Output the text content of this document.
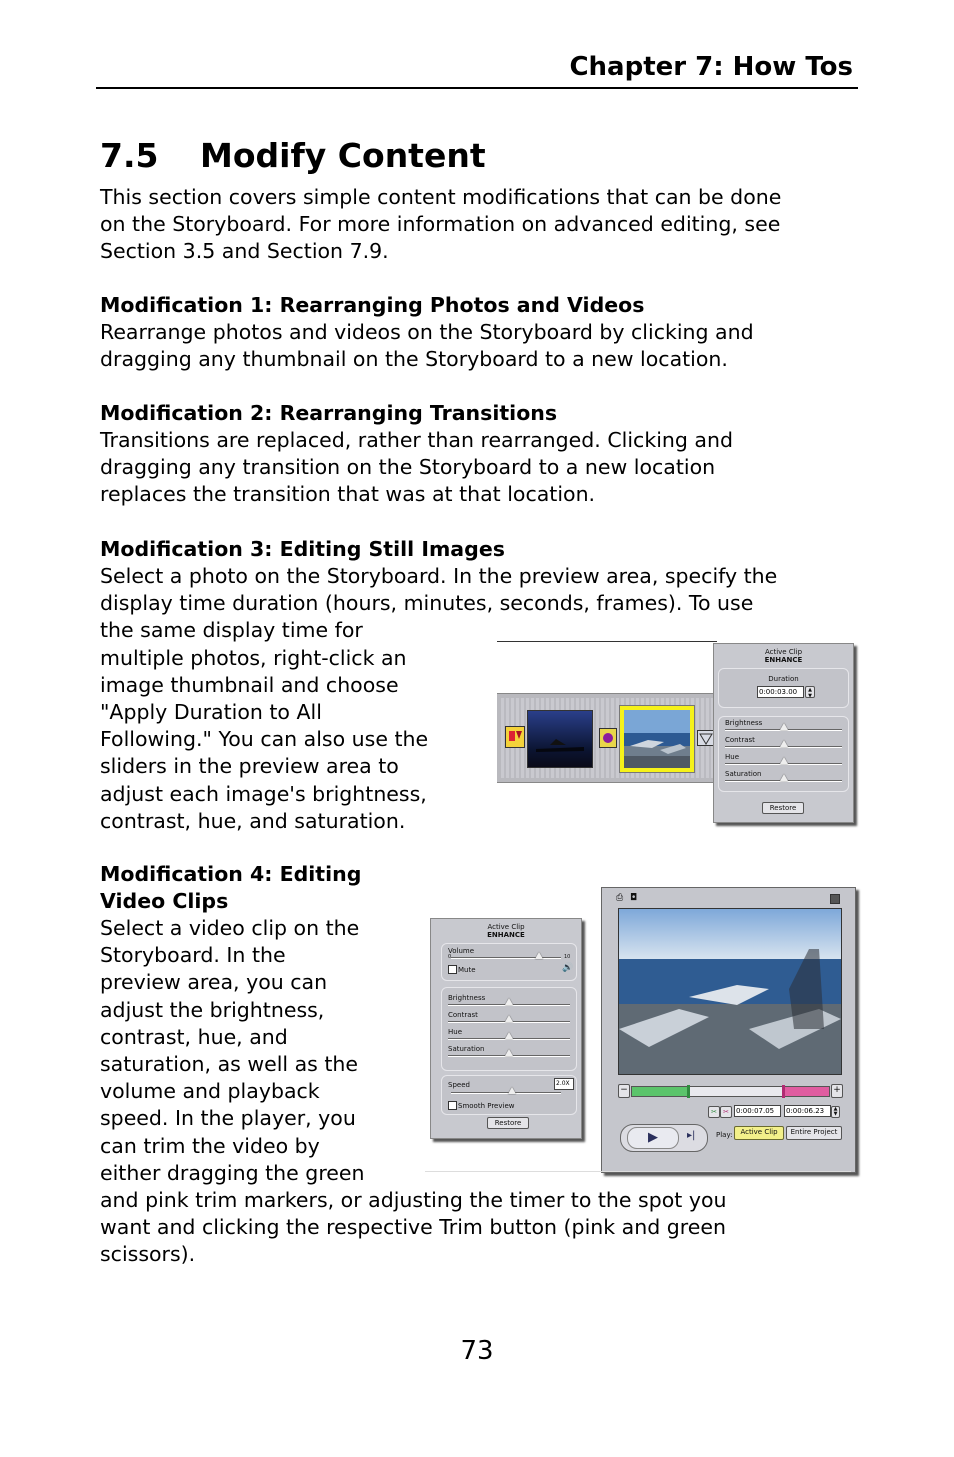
Chapter 7: How Tos
7.5 Modify Content
This section covers simple content modifications that can be done
on the Storyboard. For more information on advanced editing, see
Section 3.5 and Section 7.9.
Modification 1: Rearranging Photos and Videos
Rearrange photos and videos on the Storyboard by clicking and
dragging any thumbnail on the Storyboard to a new location.
Modification 2: Rearranging Transitions
Transitions are replaced, rather than rearranged. Clicking and
dragging any transition on the Storyboard to a new location
replaces the transition that was at that location.
Modification 3: Editing Still Images
Select a photo on the Storyboard. In the preview area, specify the
display time duration (hours, minutes, seconds, frames). To use
the same display time for
multiple photos, right-click an
image thumbnail and choose
"Apply Duration to All
Following." You can also use the
sliders in the preview area to
adjust each image's brightness,
contrast, hue, and saturation.
Active Clip
ENHANCE
Duration
0:00:03.00	▲
▼
Brightness
Contrast
Hue
Saturation
Restore
Modification 4: Editing
Video Clips
Select a video clip on the
Storyboard. In the
preview area, you can
adjust the brightness,
contrast, hue, and
saturation, as well as the
volume and playback
speed. In the player, you
can trim the video by
either dragging the green
and pink trim markers, or adjusting the timer to the spot you
want and clicking the respective Trim button (pink and green
scissors).
Active Clip
ENHANCE
Volume
0	10
Mute	🔊
Brightness
Contrast
Hue
Saturation
Speed	2.0X
Smooth Preview
Restore
⎙ ◘
−	+
✂ ✂	0:00:07.05	0:00:06.23	▲
▼
▶	▸|	Play:	Active Clip	Entire Project
73
